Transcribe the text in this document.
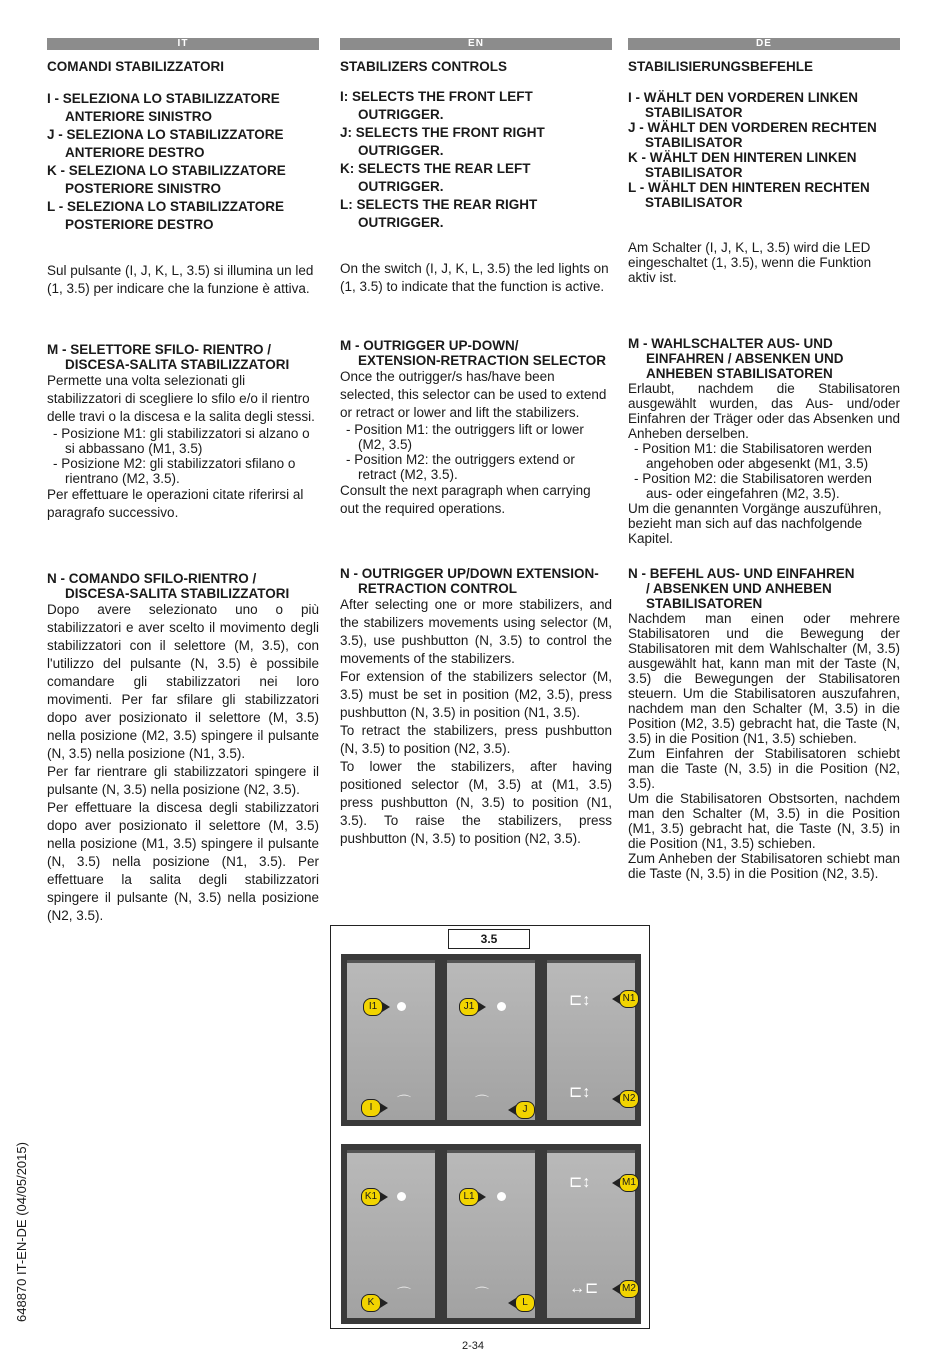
IT
COMANDI STABILIZZATORI
I - SELEZIONA LO STABILIZZATORE ANTERIORE SINISTRO
J - SELEZIONA LO STABILIZZATORE ANTERIORE DESTRO
K - SELEZIONA LO STABILIZZATORE POSTERIORE SINISTRO
L - SELEZIONA LO STABILIZZATORE POSTERIORE DESTRO

Sul pulsante (I, J, K, L, 3.5) si illumina un led (1, 3.5) per indicare che la funzione è attiva.

M - SELETTORE SFILO- RIENTRO /
DISCESA-SALITA STABILIZZATORI

Permette una volta selezionati gli stabilizzatori di scegliere lo sfilo e/o il rientro delle travi o la discesa e la salita degli stessi.

- Posizione M1: gli stabilizzatori si alzano o si abbassano (M1, 3.5)
- Posizione M2: gli stabilizzatori sfilano o rientrano (M2, 3.5).

Per effettuare le operazioni citate riferirsi al paragrafo successivo.

N - COMANDO SFILO-RIENTRO /
DISCESA-SALITA STABILIZZATORI

Dopo avere selezionato uno o più stabilizzatori e aver scelto il movimento degli stabilizzatori con il selettore (M, 3.5), con l'utilizzo del pulsante (N, 3.5) è possibile comandare gli stabilizzatori nei loro movimenti. Per far sfilare gli stabilizzatori dopo aver posizionato il selettore (M, 3.5) nella posizione (M2, 3.5) spingere il pulsante (N, 3.5) nella posizione (N1, 3.5).

Per far rientrare gli stabilizzatori spingere il pulsante (N, 3.5) nella posizione (N2, 3.5).

Per effettuare la discesa degli stabilizzatori dopo aver posizionato il selettore (M, 3.5) nella posizione (M1, 3.5) spingere il pulsante (N, 3.5) nella posizione (N1, 3.5). Per effettuare la salita degli stabilizzatori spingere il pulsante (N, 3.5) nella posizione (N2, 3.5).

EN
STABILIZERS CONTROLS
I: SELECTS THE FRONT LEFT OUTRIGGER.
J: SELECTS THE FRONT RIGHT OUTRIGGER.
K: SELECTS THE REAR LEFT OUTRIGGER.
L: SELECTS THE REAR RIGHT OUTRIGGER.

On the switch (I, J, K, L, 3.5) the led lights on (1, 3.5) to indicate that the function is active.

M - OUTRIGGER UP-DOWN/
EXTENSION-RETRACTION SELECTOR

Once the outrigger/s has/have been selected, this selector can be used to extend or retract or lower and lift the stabilizers.

- Position M1: the outriggers lift or lower (M2, 3.5)
- Position M2: the outriggers extend or retract (M2, 3.5).

Consult the next paragraph when carrying out the required operations.

N - OUTRIGGER UP/DOWN EXTENSION-
RETRACTION CONTROL

After selecting one or more stabilizers, and the stabilizers movements using selector (M, 3.5), use pushbutton (N, 3.5) to control the movements of the stabilizers.

For extension of the stabilizers selector (M, 3.5) must be set in position (M2, 3.5), press pushbutton (N, 3.5) in position (N1, 3.5).

To retract the stabilizers, press pushbutton (N, 3.5) to position (N2, 3.5).

To lower the stabilizers, after having positioned selector (M, 3.5) at (M1, 3.5) press pushbutton (N, 3.5) to position (N1, 3.5). To raise the stabilizers, press pushbutton (N, 3.5) to position (N2, 3.5).

DE
STABILISIERUNGSBEFEHLE
I - WÄHLT DEN VORDEREN LINKEN STABILISATOR
J - WÄHLT DEN VORDEREN RECHTEN STABILISATOR
K - WÄHLT DEN HINTEREN LINKEN STABILISATOR
L - WÄHLT DEN HINTEREN RECHTEN STABILISATOR

Am Schalter (I, J, K, L, 3.5) wird die LED eingeschaltet (1, 3.5), wenn die Funktion aktiv ist.

M - WAHLSCHALTER AUS- UND
EINFAHREN / ABSENKEN UND ANHEBEN STABILISATOREN

Erlaubt, nachdem die Stabilisatoren ausgewählt wurden, das Aus- und/oder Einfahren der Träger oder das Absenken und Anheben derselben.

- Position M1: die Stabilisatoren werden angehoben oder abgesenkt (M1, 3.5)
- Position M2: die Stabilisatoren werden aus- oder eingefahren (M2, 3.5).

Um die genannten Vorgänge auszuführen, bezieht man sich auf das nachfolgende Kapitel.

N - BEFEHL AUS- UND EINFAHREN
/ ABSENKEN UND ANHEBEN STABILISATOREN

Nachdem man einen oder mehrere Stabilisatoren und die Bewegung der Stabilisatoren mit dem Wahlschalter (M, 3.5) ausgewählt hat, kann man mit der Taste (N, 3.5) die Bewegungen der Stabilisatoren steuern. Um die Stabilisatoren auszufahren, nachdem man den Schalter (M, 3.5) in die Position (M2, 3.5) gebracht hat, die Taste (N, 3.5) in die Position (N1, 3.5) schieben.

Zum Einfahren der Stabilisatoren schiebt man die Taste (N, 3.5) in die Position (N2, 3.5).

Um die Stabilisatoren Obstsorten, nachdem man den Schalter (M, 3.5) in die Position (M1, 3.5) gebracht hat, die Taste (N, 3.5) in die Position (N1, 3.5) schieben.

Zum Anheben der Stabilisatoren schiebt man die Taste (N, 3.5) in die Position (N2, 3.5).

3.5
I1
I	⌒
J1
J
⌒
⊏↕
⊏↕
N1
N2
K1
K
⌒
L1
L
⌒
⊏↕
↔⊏
M1
M2
648870 IT-EN-DE (04/05/2015)
2-34
